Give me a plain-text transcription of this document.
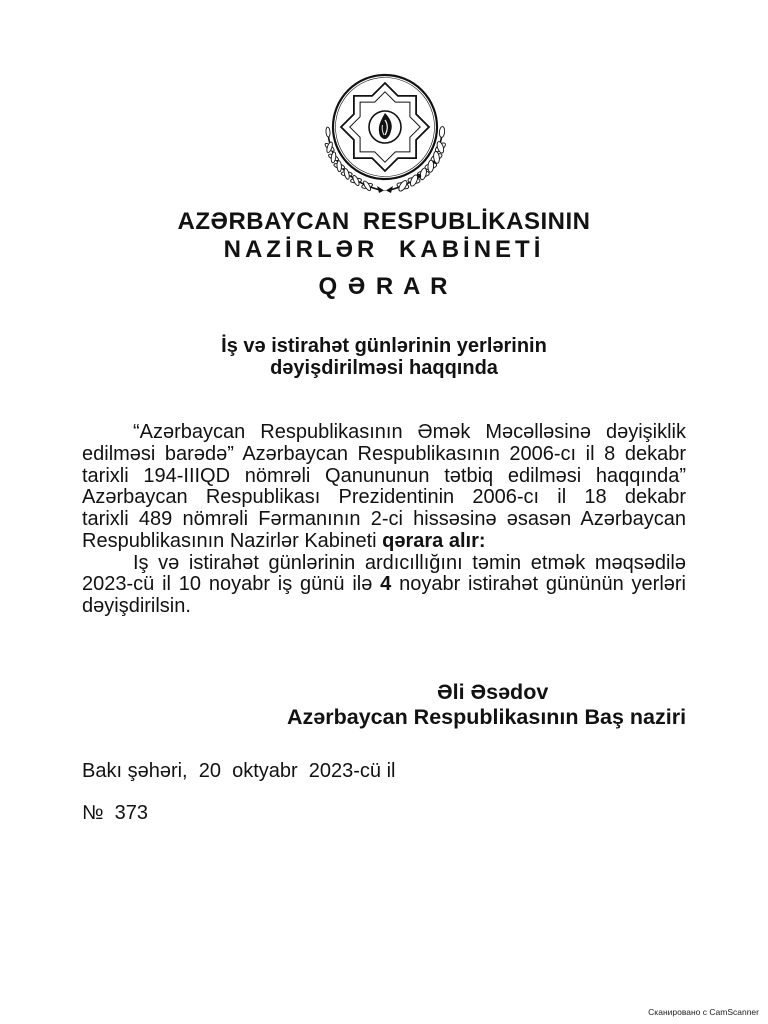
AZƏRBAYCAN RESPUBLİKASININ
NAZİRLƏR KABİNETİ
Q Ə R A R
İş və istirahət günlərinin yerlərinin
dəyişdirilməsi haqqında
“Azərbaycan Respublikasının Əmək Məcəlləsinə dəyişiklik
edilməsi barədə” Azərbaycan Respublikasının 2006-cı il 8 dekabr
tarixli 194-IIIQD nömrəli Qanununun tətbiq edilməsi haqqında”
Azərbaycan Respublikası Prezidentinin 2006-cı il 18 dekabr
tarixli 489 nömrəli Fərmanının 2-ci hissəsinə əsasən Azərbaycan
Respublikasının Nazirlər Kabineti qərara alır:
İş və istirahət günlərinin ardıcıllığını təmin etmək məqsədilə
2023-cü il 10 noyabr iş günü ilə 4 noyabr istirahət gününün yerləri
dəyişdirilsin.
Əli Əsədov
Azərbaycan Respublikasının Baş naziri
Bakı şəhəri,  20  oktyabr  2023-cü il
№  373
Сканировано с CamScanner
